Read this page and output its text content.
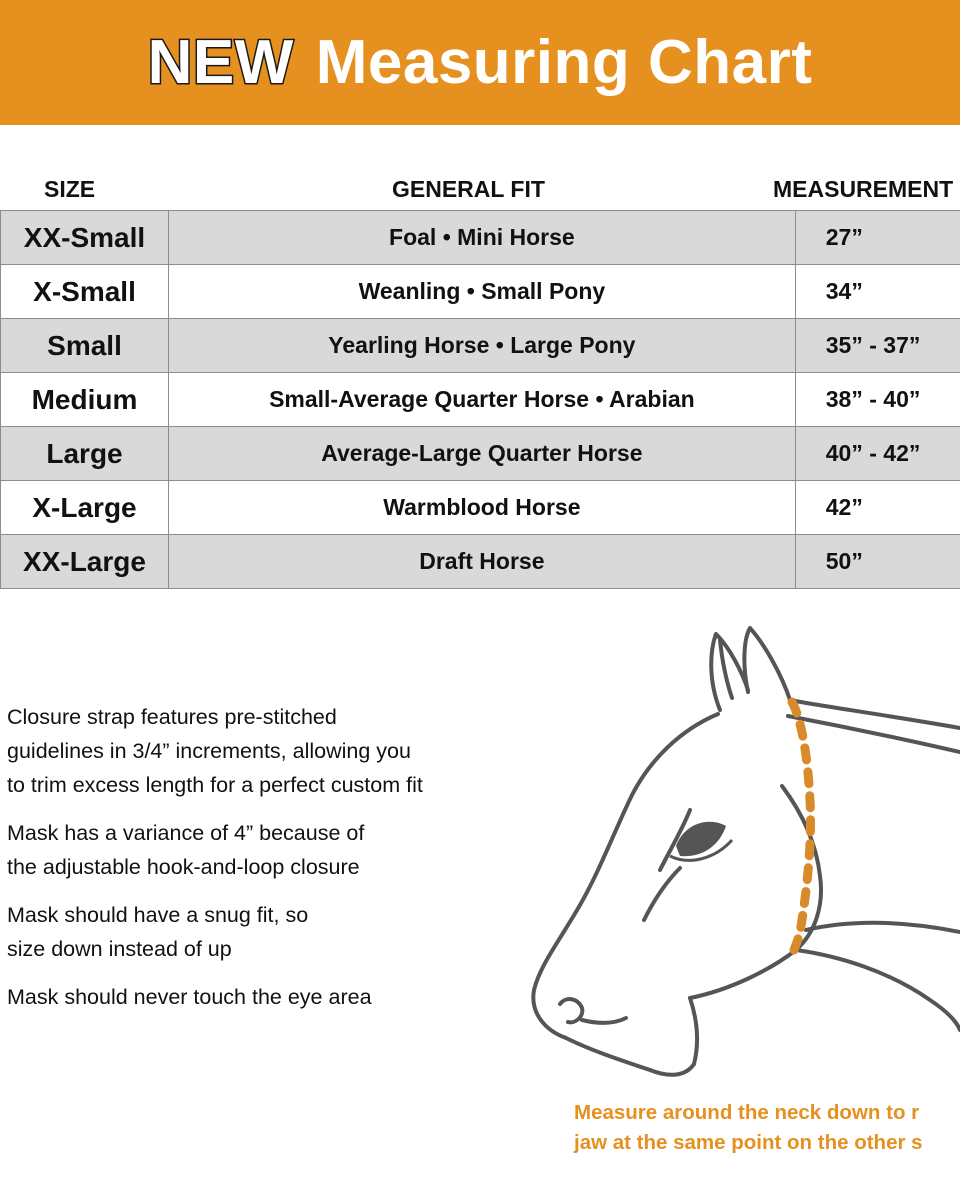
NEW Measuring Chart
SIZE	GENERAL FIT	MEASUREMENT
XX-Small	Foal • Mini Horse	27”
X-Small	Weanling • Small Pony	34”
Small	Yearling Horse • Large Pony	35” - 37”
Medium	Small-Average Quarter Horse • Arabian	38” - 40”
Large	Average-Large Quarter Horse	40” - 42”
X-Large	Warmblood Horse	42”
XX-Large	Draft Horse	50”

Closure strap features pre-stitched
guidelines in 3/4” increments, allowing you
to trim excess length for a perfect custom fit

Mask has a variance of 4” because of
the adjustable hook-and-loop closure

Mask should have a snug fit, so
size down instead of up

Mask should never touch the eye area

Measure around the neck down to r
jaw at the same point on the other s
